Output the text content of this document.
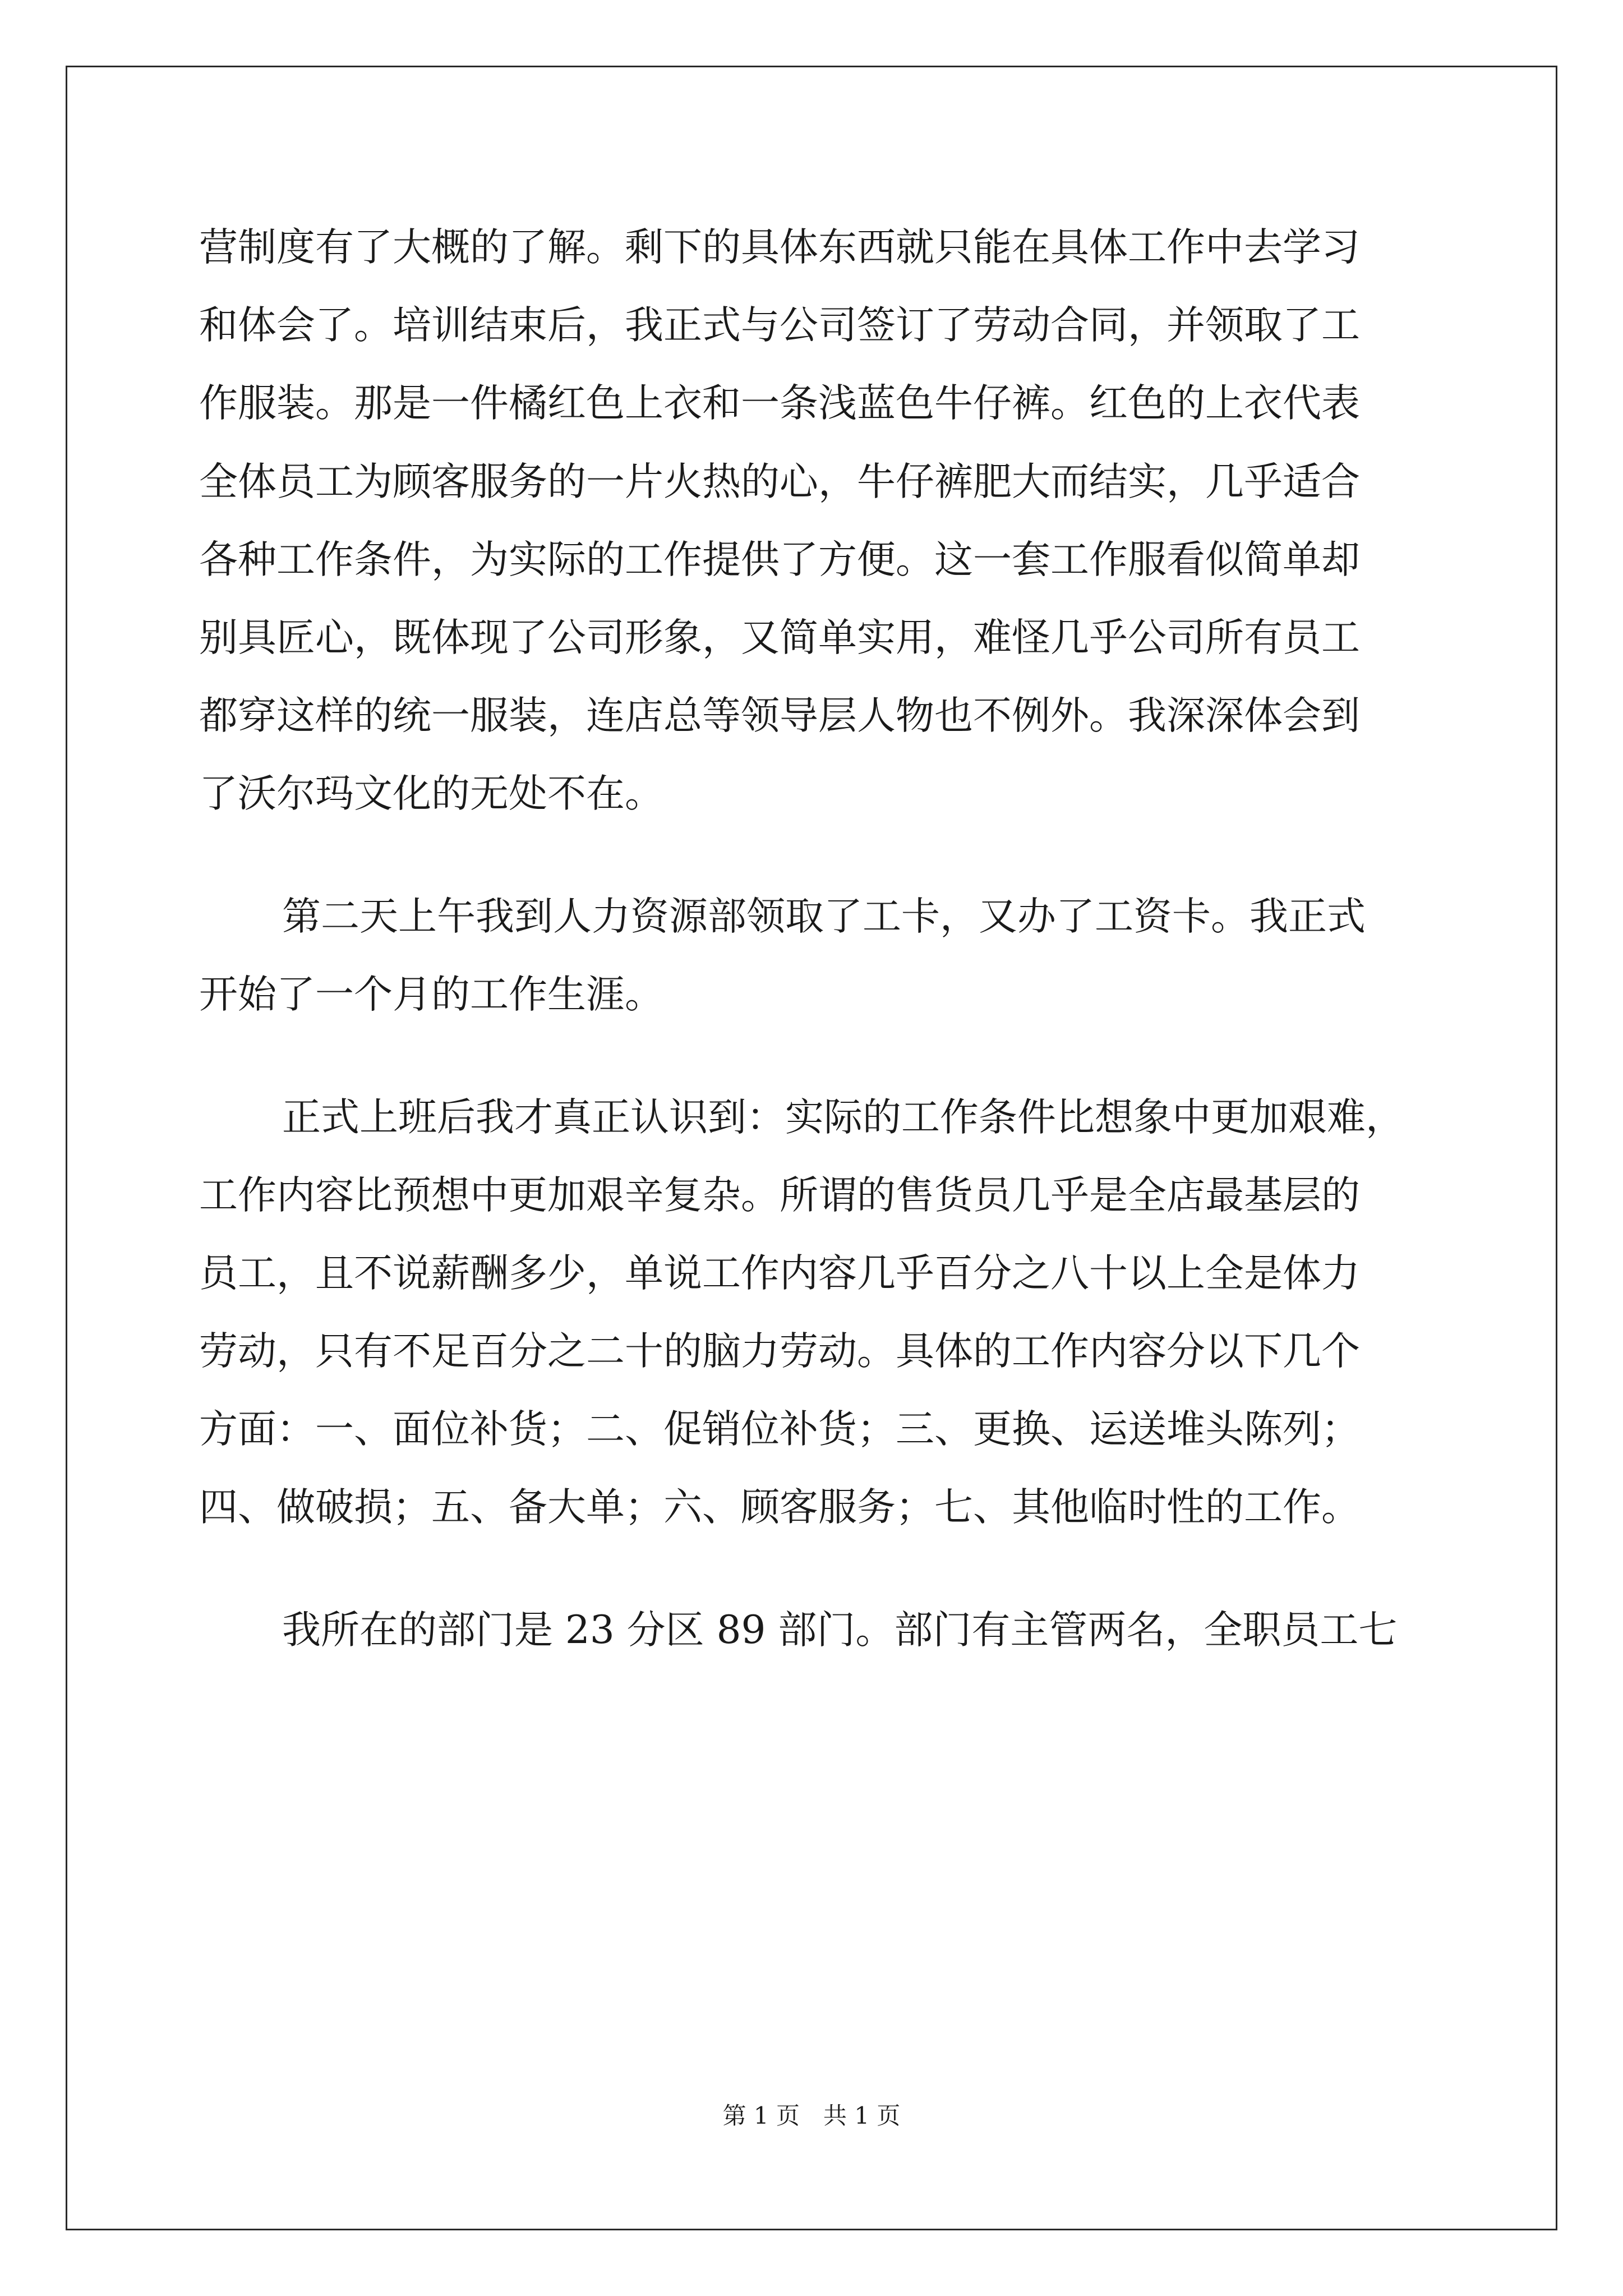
营制度有了大概的了解。剩下的具体东西就只能在具体工作中去学习
和体会了。培训结束后，我正式与公司签订了劳动合同，并领取了工
作服装。那是一件橘红色上衣和一条浅蓝色牛仔裤。红色的上衣代表
全体员工为顾客服务的一片火热的心，牛仔裤肥大而结实，几乎适合
各种工作条件，为实际的工作提供了方便。这一套工作服看似简单却
别具匠心，既体现了公司形象，又简单实用，难怪几乎公司所有员工
都穿这样的统一服装，连店总等领导层人物也不例外。我深深体会到
了沃尔玛文化的无处不在。
第二天上午我到人力资源部领取了工卡，又办了工资卡。我正式
开始了一个月的工作生涯。
正式上班后我才真正认识到：实际的工作条件比想象中更加艰难，
工作内容比预想中更加艰辛复杂。所谓的售货员几乎是全店最基层的
员工，且不说薪酬多少，单说工作内容几乎百分之八十以上全是体力
劳动，只有不足百分之二十的脑力劳动。具体的工作内容分以下几个
方面：一、面位补货；二、促销位补货；三、更换、运送堆头陈列；
四、做破损；五、备大单；六、顾客服务；七、其他临时性的工作。
我所在的部门是 23 分区 89 部门。部门有主管两名，全职员工七
第 1 页　共 1 页
